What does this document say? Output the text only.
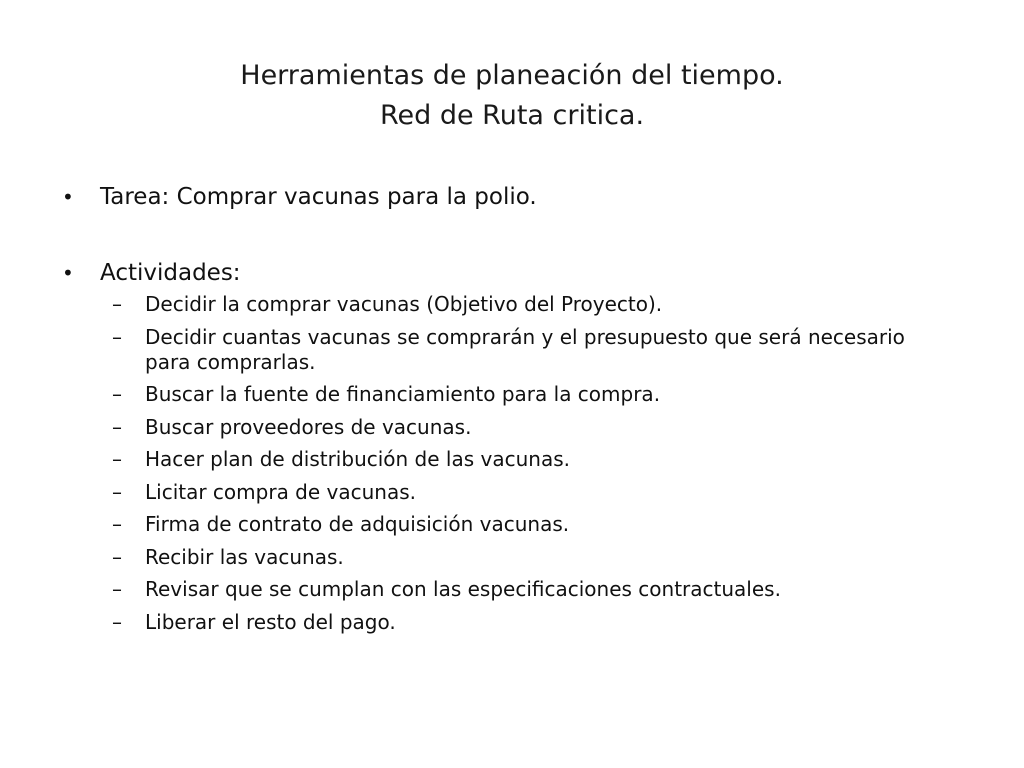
Herramientas de planeación del tiempo.
Red de Ruta critica.
• Tarea: Comprar vacunas para la polio.
• Actividades:
– Decidir la comprar vacunas (Objetivo del Proyecto).
– Decidir cuantas vacunas se comprarán y el presupuesto que será necesario para comprarlas.
– Buscar la fuente de financiamiento para la compra.
– Buscar proveedores de vacunas.
– Hacer plan de distribución de las vacunas.
– Licitar compra de vacunas.
– Firma de contrato de adquisición vacunas.
– Recibir las vacunas.
– Revisar que se cumplan con las especificaciones contractuales.
– Liberar el resto del pago.
